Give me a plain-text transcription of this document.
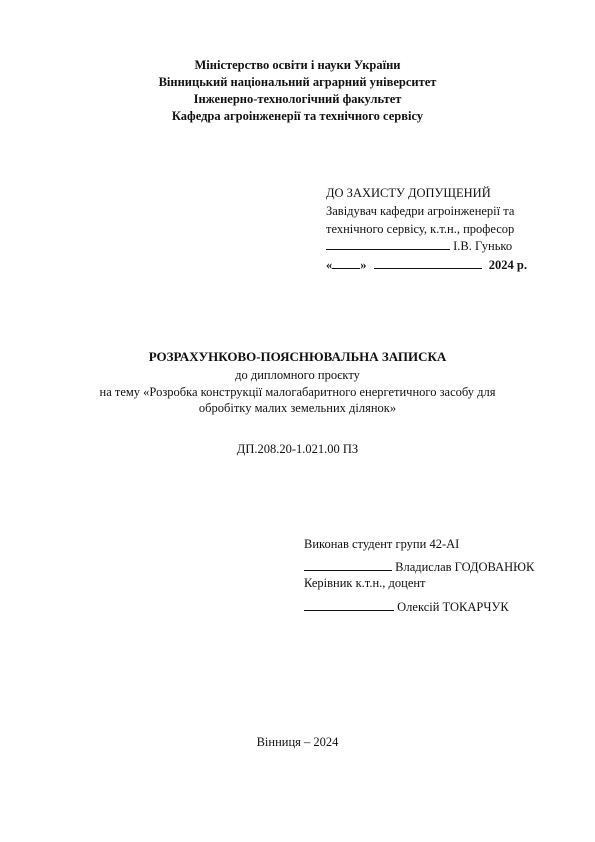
Міністерство освіти і науки України
Вінницький національний аграрний університет
Інженерно-технологічний факультет
Кафедра агроінженерії та технічного сервісу
ДО ЗАХИСТУ ДОПУЩЕНИЙ
Завідувач кафедри агроінженерії та
технічного сервісу, к.т.н., професор
І.В. Гунько
« »	2024 р.
РОЗРАХУНКОВО-ПОЯСНЮВАЛЬНА ЗАПИСКА
до дипломного проєкту
на тему «Розробка конструкції малогабаритного енергетичного засобу для
обробітку малих земельних ділянок»
ДП.208.20-1.021.00 ПЗ
Виконав студент групи 42-АІ
Владислав ГОДОВАНЮК
Керівник к.т.н., доцент
Олексій ТОКАРЧУК
Вінниця – 2024
